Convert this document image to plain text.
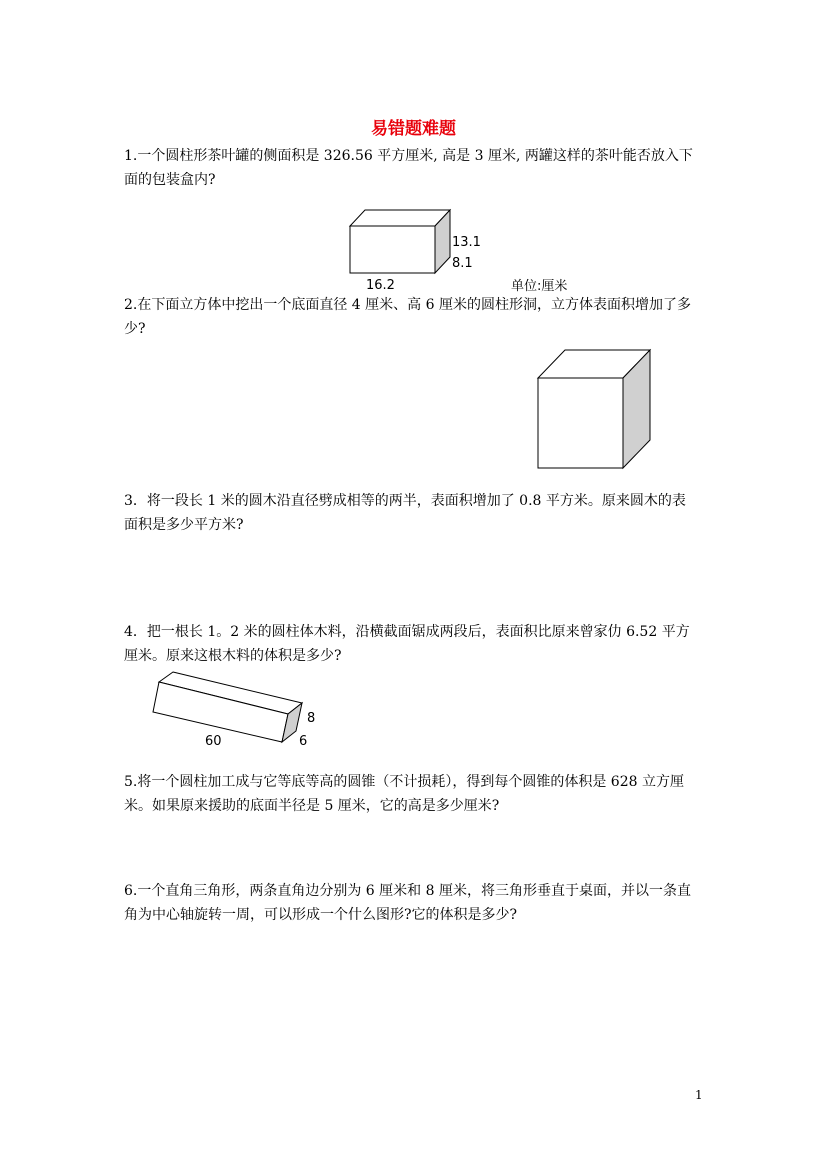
易错题难题
1.一个圆柱形茶叶罐的侧面积是 326.56 平方厘米, 高是 3 厘米, 两罐这样的茶叶能否放入下
面的包装盒内?
13.1
8.1
16.2	单位:厘米
2.在下面立方体中挖出一个底面直径 4 厘米、高 6 厘米的圆柱形洞，立方体表面积增加了多
少?
3．将一段长 1 米的圆木沿直径劈成相等的两半，表面积增加了 0.8 平方米。原来圆木的表
面积是多少平方米?
4．把一根长 1。2 米的圆柱体木料，沿横截面锯成两段后，表面积比原来曾家仂 6.52 平方
厘米。原来这根木料的体积是多少?
8
60	6
5.将一个圆柱加工成与它等底等高的圆锥（不计损耗），得到每个圆锥的体积是 628 立方厘
米。如果原来援助的底面半径是 5 厘米，它的高是多少厘米?
6.一个直角三角形，两条直角边分别为 6 厘米和 8 厘米，将三角形垂直于桌面，并以一条直
角为中心轴旋转一周，可以形成一个什么图形?它的体积是多少?
1
